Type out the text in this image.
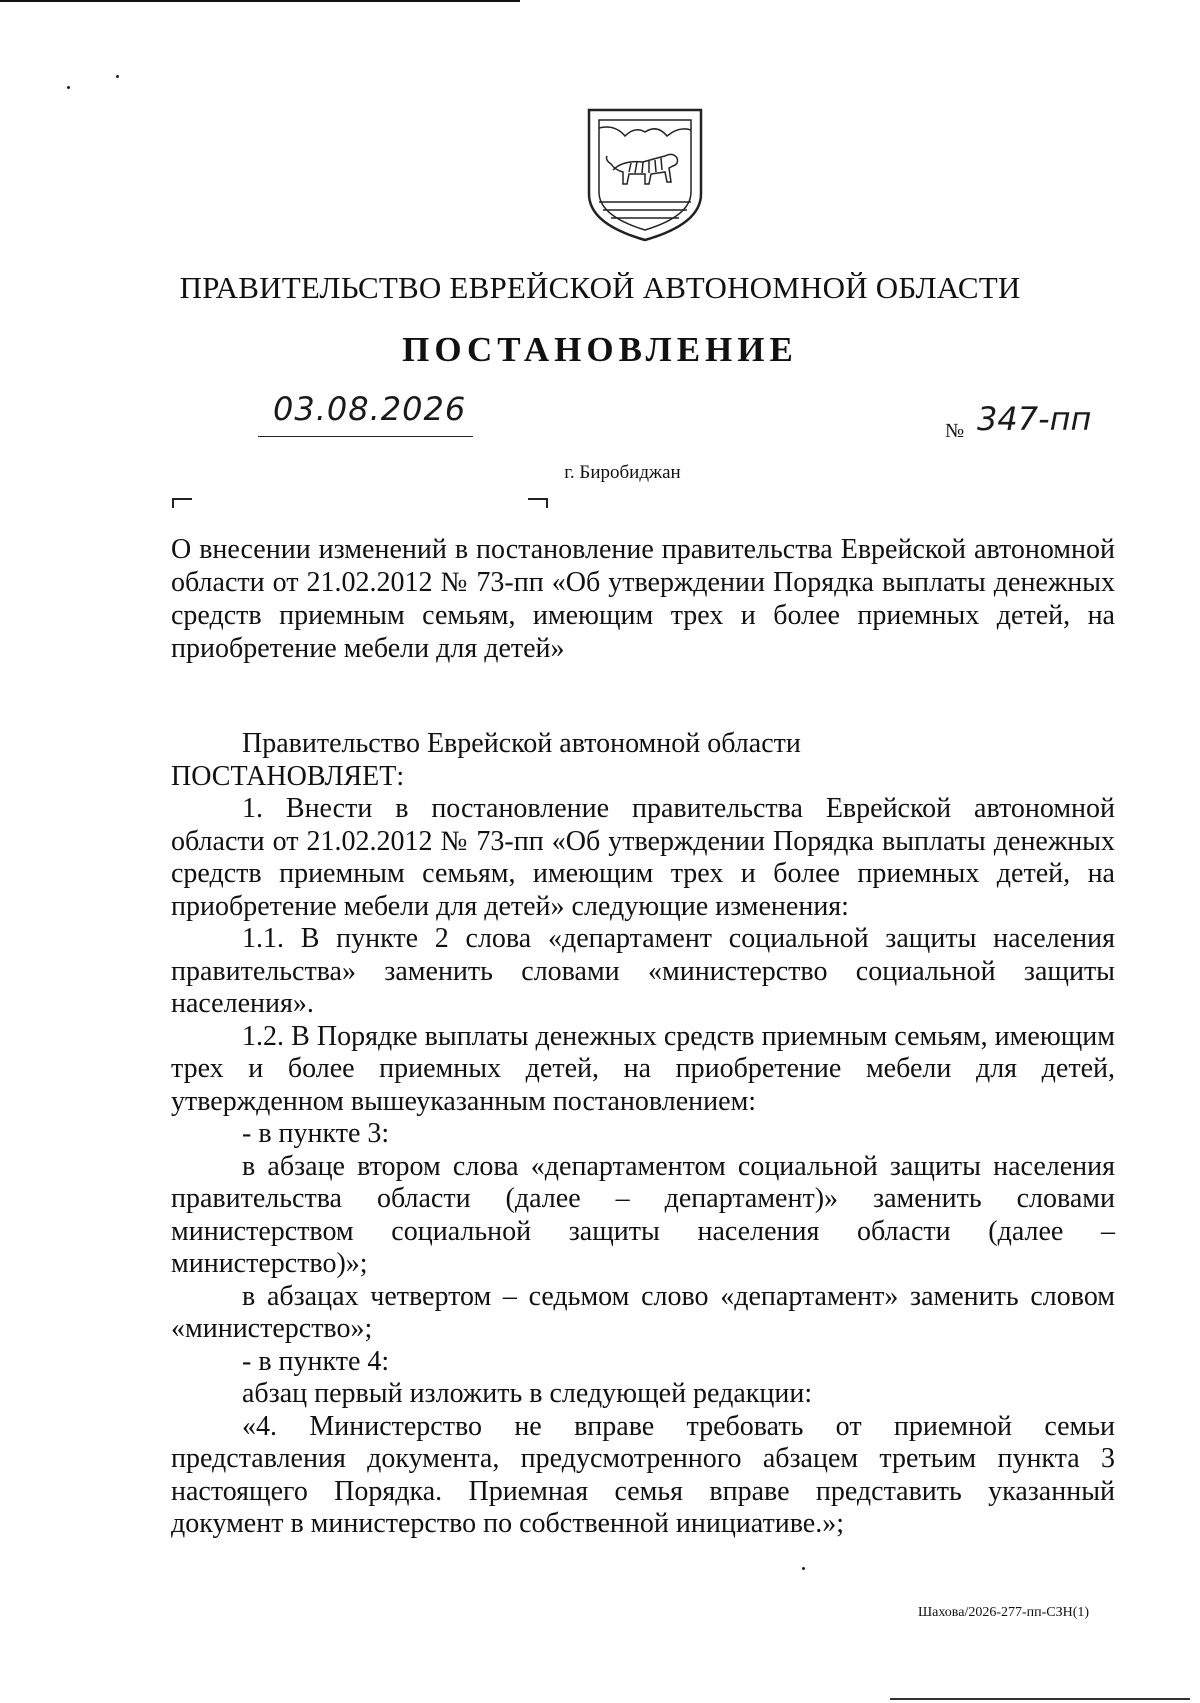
ПРАВИТЕЛЬСТВО ЕВРЕЙСКОЙ АВТОНОМНОЙ ОБЛАСТИ
ПОСТАНОВЛЕНИЕ
03.08.2026
№ 347-пп
г. Биробиджан
О внесении изменений в постановление правительства Еврейской автономной области от 21.02.2012 № 73-пп «Об утверждении Порядка выплаты денежных средств приемным семьям, имеющим трех и более приемных детей, на приобретение мебели для детей»

Правительство Еврейской автономной области

ПОСТАНОВЛЯЕТ:

1. Внести в постановление правительства Еврейской автономной области от 21.02.2012 № 73-пп «Об утверждении Порядка выплаты денежных средств приемным семьям, имеющим трех и более приемных детей, на приобретение мебели для детей» следующие изменения:

1.1. В пункте 2 слова «департамент социальной защиты населения правительства» заменить словами «министерство социальной защиты населения».

1.2. В Порядке выплаты денежных средств приемным семьям, имеющим трех и более приемных детей, на приобретение мебели для детей, утвержденном вышеуказанным постановлением:

- в пункте 3:

в абзаце втором слова «департаментом социальной защиты населения правительства области (далее – департамент)» заменить словами министерством социальной защиты населения области (далее – министерство)»;

в абзацах четвертом – седьмом слово «департамент» заменить словом «министерство»;

- в пункте 4:

абзац первый изложить в следующей редакции:

«4. Министерство не вправе требовать от приемной семьи представления документа, предусмотренного абзацем третьим пункта 3 настоящего Порядка. Приемная семья вправе представить указанный документ в министерство по собственной инициативе.»;

Шахова/2026-277-пп-СЗН(1)
